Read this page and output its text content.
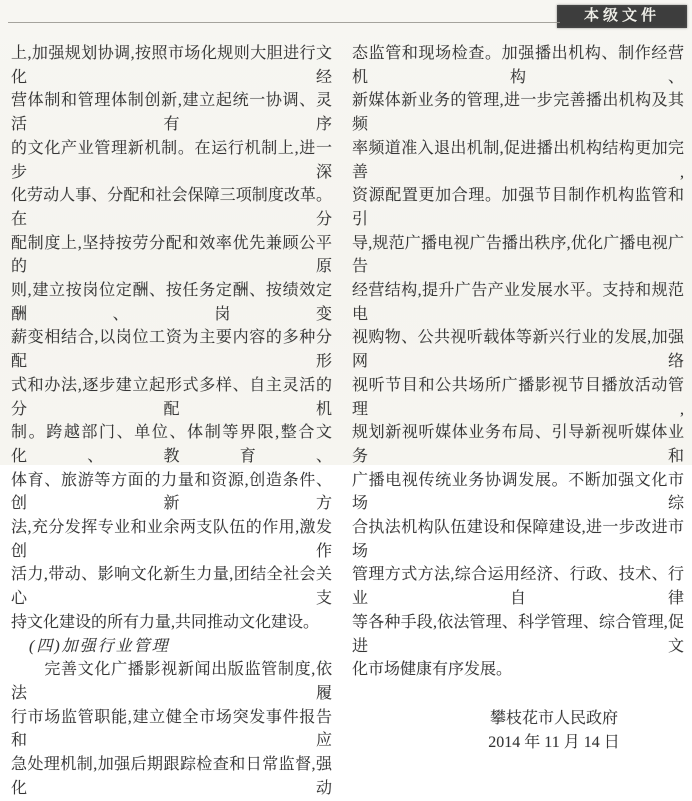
本级文件
上,加强规划协调,按照市场化规则大胆进行文化经
营体制和管理体制创新,建立起统一协调、灵活有序
的文化产业管理新机制。在运行机制上,进一步深
化劳动人事、分配和社会保障三项制度改革。在分
配制度上,坚持按劳分配和效率优先兼顾公平的原
则,建立按岗位定酬、按任务定酬、按绩效定酬、岗变
薪变相结合,以岗位工资为主要内容的多种分配形
式和办法,逐步建立起形式多样、自主灵活的分配机
制。跨越部门、单位、体制等界限,整合文化、教育、
体育、旅游等方面的力量和资源,创造条件、创新方
法,充分发挥专业和业余两支队伍的作用,激发创作
活力,带动、影响文化新生力量,团结全社会关心支
持文化建设的所有力量,共同推动文化建设。
　(四)加强行业管理
　　完善文化广播影视新闻出版监管制度,依法履
行市场监管职能,建立健全市场突发事件报告和应
急处理机制,加强后期跟踪检查和日常监督,强化动
态监管和现场检查。加强播出机构、制作经营机构、
新媒体新业务的管理,进一步完善播出机构及其频
率频道准入退出机制,促进播出机构结构更加完善,
资源配置更加合理。加强节目制作机构监管和引
导,规范广播电视广告播出秩序,优化广播电视广告
经营结构,提升广告产业发展水平。支持和规范电
视购物、公共视听载体等新兴行业的发展,加强网络
视听节目和公共场所广播影视节目播放活动管理,
规划新视听媒体业务布局、引导新视听媒体业务和
广播电视传统业务协调发展。不断加强文化市场综
合执法机构队伍建设和保障建设,进一步改进市场
管理方式方法,综合运用经济、行政、技术、行业自律
等各种手段,依法管理、科学管理、综合管理,促进文
化市场健康有序发展。
攀枝花市人民政府
2014 年 11 月 14 日
